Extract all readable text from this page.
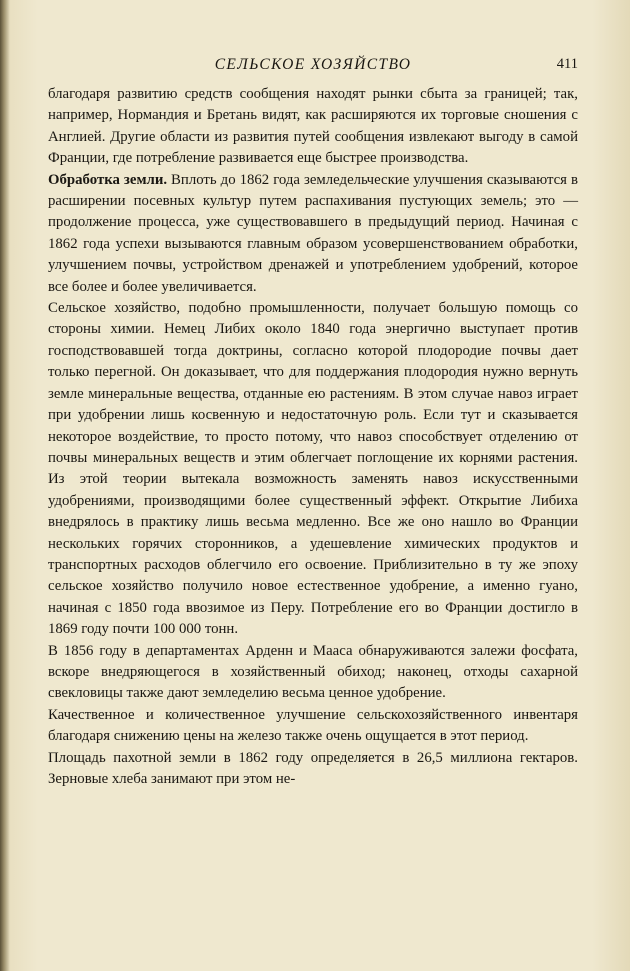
СЕЛЬСКОЕ ХОЗЯЙСТВО	411

благодаря развитию средств сообщения находят рынки сбыта за границей; так, например, Нормандия и Бретань видят, как расширяются их торговые сношения с Англией. Другие области из развития путей сообщения извлекают выгоду в самой Франции, где потребление развивается еще быстрее производства.

Обработка земли. Вплоть до 1862 года земледельческие улучшения сказываются в расширении посевных культур путем распахивания пустующих земель; это — продолжение процесса, уже существовавшего в предыдущий период. Начиная с 1862 года успехи вызываются главным образом усовершенствованием обработки, улучшением почвы, устройством дренажей и употреблением удобрений, которое все более и более увеличивается.

Сельское хозяйство, подобно промышленности, получает большую помощь со стороны химии. Немец Либих около 1840 года энергично выступает против господствовавшей тогда доктрины, согласно которой плодородие почвы дает только перегной. Он доказывает, что для поддержания плодородия нужно вернуть земле минеральные вещества, отданные ею растениям. В этом случае навоз играет при удобрении лишь косвенную и недостаточную роль. Если тут и сказывается некоторое воздействие, то просто потому, что навоз способствует отделению от почвы минеральных веществ и этим облегчает поглощение их корнями растения. Из этой теории вытекала возможность заменять навоз искусственными удобрениями, производящими более существенный эффект. Открытие Либиха внедрялось в практику лишь весьма медленно. Все же оно нашло во Франции нескольких горячих сторонников, а удешевление химических продуктов и транспортных расходов облегчило его освоение. Приблизительно в ту же эпоху сельское хозяйство получило новое естественное удобрение, а именно гуано, начиная с 1850 года ввозимое из Перу. Потребление его во Франции достигло в 1869 году почти 100 000 тонн.

В 1856 году в департаментах Арденн и Мааса обнаруживаются залежи фосфата, вскоре внедряющегося в хозяйственный обиход; наконец, отходы сахарной свекловицы также дают земледелию весьма ценное удобрение.

Качественное и количественное улучшение сельскохозяйственного инвентаря благодаря снижению цены на железо также очень ощущается в этот период.

Площадь пахотной земли в 1862 году определяется в 26,5 миллиона гектаров. Зерновые хлеба занимают при этом не-
